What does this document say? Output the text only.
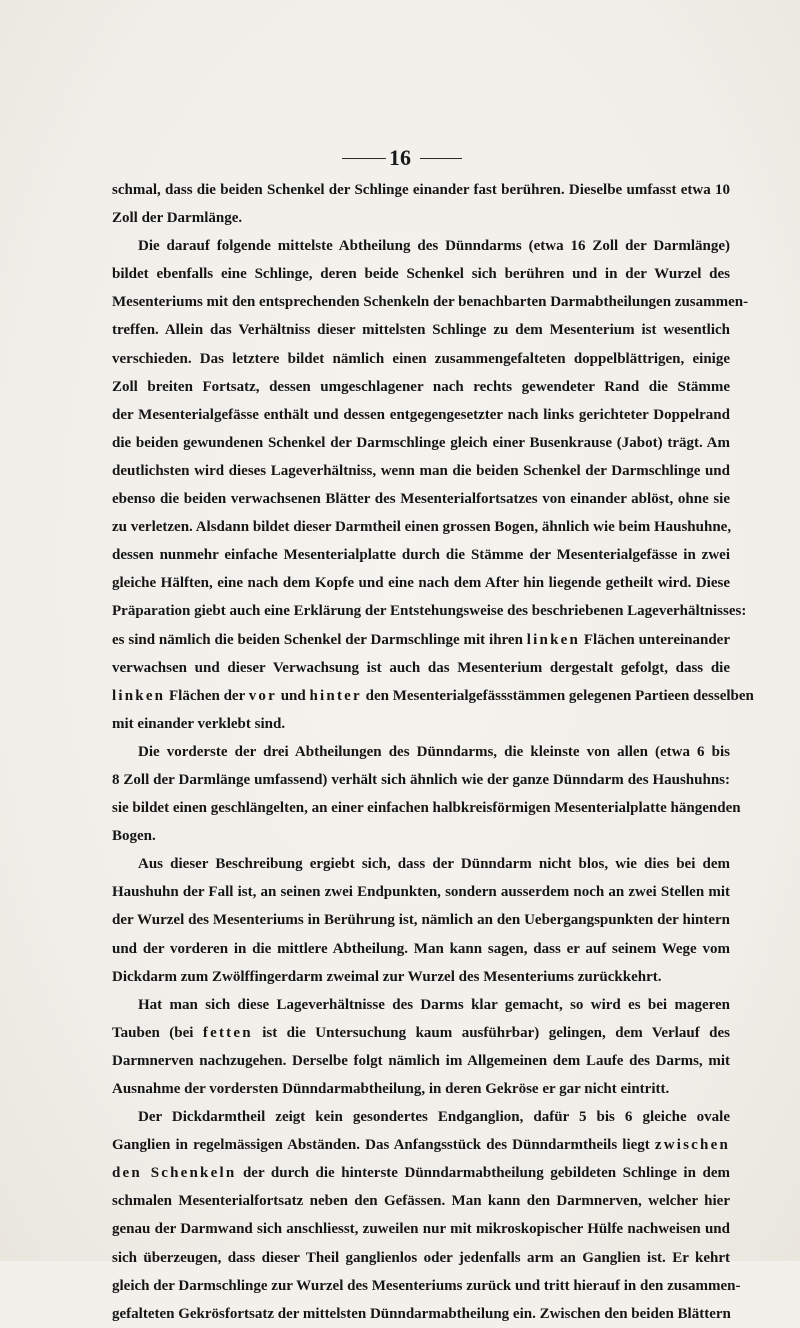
16
schmal, dass die beiden Schenkel der Schlinge einander fast berühren. Dieselbe umfasst etwa 10
Zoll der Darmlänge.
Die darauf folgende mittelste Abtheilung des Dünndarms (etwa 16 Zoll der Darmlänge)
bildet ebenfalls eine Schlinge, deren beide Schenkel sich berühren und in der Wurzel des
Mesenteriums mit den entsprechenden Schenkeln der benachbarten Darmabtheilungen zusammen-
treffen. Allein das Verhältniss dieser mittelsten Schlinge zu dem Mesenterium ist wesentlich
verschieden. Das letztere bildet nämlich einen zusammengefalteten doppelblättrigen, einige
Zoll breiten Fortsatz, dessen umgeschlagener nach rechts gewendeter Rand die Stämme
der Mesenterialgefässe enthält und dessen entgegengesetzter nach links gerichteter Doppelrand
die beiden gewundenen Schenkel der Darmschlinge gleich einer Busenkrause (Jabot) trägt. Am
deutlichsten wird dieses Lageverhältniss, wenn man die beiden Schenkel der Darmschlinge und
ebenso die beiden verwachsenen Blätter des Mesenterialfortsatzes von einander ablöst, ohne sie
zu verletzen. Alsdann bildet dieser Darmtheil einen grossen Bogen, ähnlich wie beim Haushuhne,
dessen nunmehr einfache Mesenterialplatte durch die Stämme der Mesenterialgefässe in zwei
gleiche Hälften, eine nach dem Kopfe und eine nach dem After hin liegende getheilt wird. Diese
Präparation giebt auch eine Erklärung der Entstehungsweise des beschriebenen Lageverhältnisses:
es sind nämlich die beiden Schenkel der Darmschlinge mit ihren linken Flächen untereinander
verwachsen und dieser Verwachsung ist auch das Mesenterium dergestalt gefolgt, dass die
linken Flächen der vor und hinter den Mesenterialgefässstämmen gelegenen Partieen desselben
mit einander verklebt sind.
Die vorderste der drei Abtheilungen des Dünndarms, die kleinste von allen (etwa 6 bis
8 Zoll der Darmlänge umfassend) verhält sich ähnlich wie der ganze Dünndarm des Haushuhns:
sie bildet einen geschlängelten, an einer einfachen halbkreisförmigen Mesenterialplatte hängenden
Bogen.
Aus dieser Beschreibung ergiebt sich, dass der Dünndarm nicht blos, wie dies bei dem
Haushuhn der Fall ist, an seinen zwei Endpunkten, sondern ausserdem noch an zwei Stellen mit
der Wurzel des Mesenteriums in Berührung ist, nämlich an den Uebergangspunkten der hintern
und der vorderen in die mittlere Abtheilung. Man kann sagen, dass er auf seinem Wege vom
Dickdarm zum Zwölffingerdarm zweimal zur Wurzel des Mesenteriums zurückkehrt.
Hat man sich diese Lageverhältnisse des Darms klar gemacht, so wird es bei mageren
Tauben (bei fetten ist die Untersuchung kaum ausführbar) gelingen, dem Verlauf des
Darmnerven nachzugehen. Derselbe folgt nämlich im Allgemeinen dem Laufe des Darms, mit
Ausnahme der vordersten Dünndarmabtheilung, in deren Gekröse er gar nicht eintritt.
Der Dickdarmtheil zeigt kein gesondertes Endganglion, dafür 5 bis 6 gleiche ovale
Ganglien in regelmässigen Abständen. Das Anfangsstück des Dünndarmtheils liegt zwischen
den Schenkeln der durch die hinterste Dünndarmabtheilung gebildeten Schlinge in dem
schmalen Mesenterialfortsatz neben den Gefässen. Man kann den Darmnerven, welcher hier
genau der Darmwand sich anschliesst, zuweilen nur mit mikroskopischer Hülfe nachweisen und
sich überzeugen, dass dieser Theil ganglienlos oder jedenfalls arm an Ganglien ist. Er kehrt
gleich der Darmschlinge zur Wurzel des Mesenteriums zurück und tritt hierauf in den zusammen-
gefalteten Gekrösfortsatz der mittelsten Dünndarmabtheilung ein. Zwischen den beiden Blättern
